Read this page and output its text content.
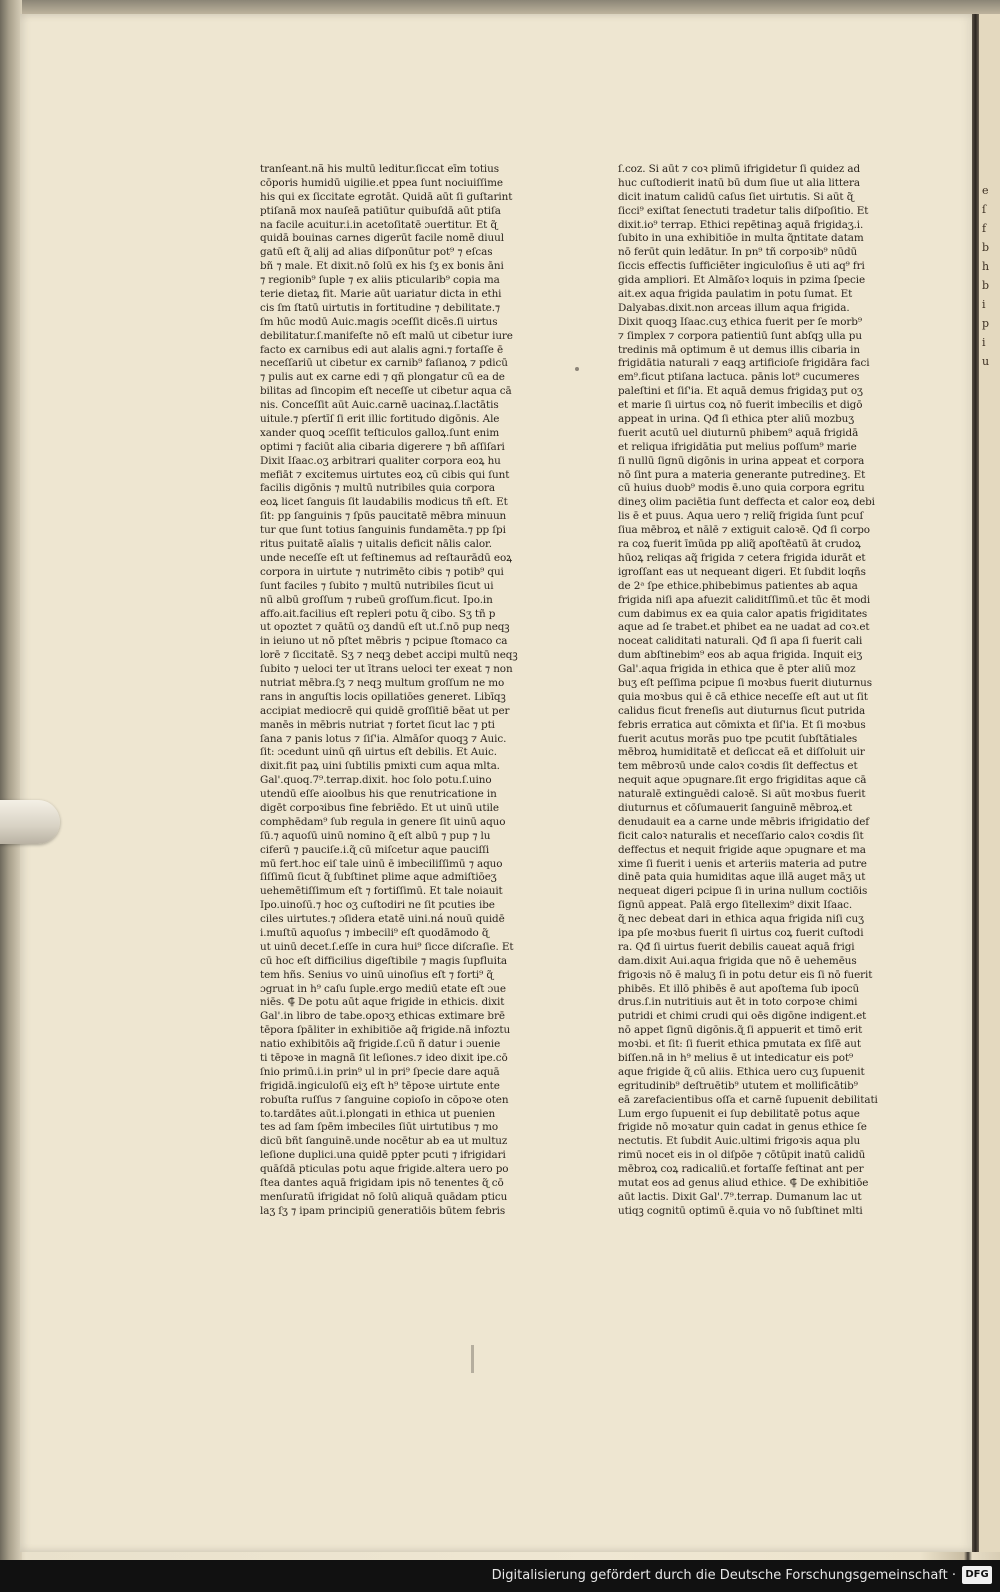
e
ſ
f
b
h
b
i
p
i
u
tranſeant.nã his multū leditur.ſiccat eīm totius
cōporis humidū uigilie.et ppea ſunt nociuiſſime
his qui ex ſiccitate egrotāt. Quidā aūt ſi guſtarint
ptiſanā mox nauſeā patiūtur quibuſdā aūt ptiſa
na facile acuitur.i.in acetoſitatē ɔuertitur. Et ɋ̃
quidā bouinas carnes digerūt facile nomē diuul
gatū eſt ɋ̃ alij ad alias diſponūtur pot⁹ ⁊ eſcas
bñ ⁊ male. Et dixit.nō ſolū ex his ſʒ ex bonis āni
⁊ regionib⁹ ſuple ⁊ ex aliis pticularib⁹ copia ma
terie dietaꝝ fit. Marie aūt uariatur dicta in ethi
cis ſm ſtatū uirtutis in fortitudine ⁊ debilitate.⁊
ſm hūc modū Auic.magis ɔceſſit dicēs.ſi uirtus
debilitatur.ſ.manifeſte nō eſt malū ut cibetur iure
facto ex carnibus edi aut alalis agni.⁊ fortaſſe ē
neceſſariū ut cibetur ex carnib⁹ faſianoꝝ ⁊ pdicū
⁊ pulis aut ex carne edi ⁊ qñ plongatur cū ea de
bilitas ad ſincopim eſt neceſſe ut cibetur aqua cā
nis. Conceſſit aūt Auic.carnē uacinaꝝ.ſ.lactātis
uitule.⁊ pſertīſ ſi erit illic fortitudo digōnis. Ale
xander quoꝗ ɔceſſit teſticulos galloꝝ.ſunt enim
optimi ⁊ faciūt alia cibaria digerere ⁊ bñ aſſiſari
Dixit Iſaac.oʒ arbitrari qualiter corpora eoꝝ hu
mefiāt ⁊ excitemus uirtutes eoꝝ cū cibis qui ſunt
facilis digōnis ⁊ multū nutribiles quia corpora
eoꝝ licet ſanguis ſit laudabilis modicus tñ eſt. Et
ſit: pp ſanguinis ⁊ ſpūs paucitatē mēbra minuun
tur que ſunt totius ſanguinis fundamēta.⁊ pp ſpi
ritus puitatē aīalis ⁊ uitalis deficit nālis calor.
unde neceſſe eſt ut feſtinemus ad reſtaurādū eoꝝ
corpora in uirtute ⁊ nutrimēto cibis ⁊ potib⁹ qui
ſunt faciles ⁊ ſubito ⁊ multū nutribiles ſicut ui
nū albū groſſum ⁊ rubeū groſſum.ficut. Ipo.in
affo.ait.facilius eſt repleri potu ɋ̃ cibo. Sʒ tñ p
ut opoztet ⁊ quātū oʒ dandū eſt ut.ſ.nō pup neqꝫ
in ieiuno ut nō pſtet mēbris ⁊ pcipue ſtomaco ca
lorē ⁊ ſiccitatē. Sʒ ⁊ neqꝫ debet accipi multū neqꝫ
ſubito ⁊ ueloci ter ut ītrans ueloci ter exeat ⁊ non
nutriat mēbra.ſʒ ⁊ neqꝫ multum groſſum ne mo
rans in anguſtis locis opillatiōes generet. Libīqꝫ
accipiat mediocrē qui quidē groſſitiē bēat ut per
manēs in mēbris nutriat ⁊ fortet ſicut lac ⁊ pti
ſana ⁊ panis lotus ⁊ ſiſ'ia. Almāſor quoqꝫ ⁊ Auic.
ſit: ɔcedunt uinū qñ uirtus eſt debilis. Et Auic.
dixit.fit paꝝ uini ſubtilis pmixti cum aqua mlta.
Gal'.quoq.7⁹.terrap.dixit. hoc ſolo potu.ſ.uino
utendū eſſe aioolbus his que renutricatione in
digēt corpoꝛibus fine febriēdo. Et ut uinū utile
comphēdam⁹ ſub regula in genere ſit uinū aquo
ſū.⁊ aquoſū uinū nomino ɋ̃ eſt albū ⁊ pup ⁊ lu
ciferū ⁊ pauciſe.i.ɋ̃ cū miſcetur aque pauciſſi
mū fert.hoc eiſ tale uinū ē imbeciliſſimū ⁊ aquo
ſiſſimū ſicut ɋ̃ ſubſtinet plime aque admiſtiōeʒ
uehemētiſſimum eſt ⁊ fortiſſimū. Et tale noiauit
Ipo.uinoſū.⁊ hoc oʒ cuſtodiri ne ſit pcuties ibe
ciles uirtutes.⁊ ɔſidera etatē uini.ná nouū quidē
i.muſtū aquoſus ⁊ imbecili⁹ eſt quodāmodo ɋ̃
ut uinū decet.ſ.eſſe in cura hui⁹ ſicce diſcraſie. Et
cū hoc eſt difficilius digeſtibile ⁊ magis ſupfluita
tem hñs. Senius vo uinū uinoſius eſt ⁊ forti⁹ ɋ̃
ɔgruat in h⁹ caſu ſuple.ergo mediū etate eſt ɔue
niēs. ⸿ De potu aūt aque frigide in ethicis. dixit
Gal'.in libro de tabe.opoꝛʒ ethicas extimare brē
tēpora ſpāliter in exhibitiōe aq̃ frigide.nā infoztu
natio exhibitōis aq̃ frigide.ſ.cū ñ datur i ɔuenie
ti tēpoꝛe in magnā ſit leſiones.⁊ ideo dixit ipe.cō
ſnio primū.i.in prin⁹ ul in pri⁹ ſpecie dare aquā
frigidā.ingiculoſū eiʒ eſt h⁹ tēpoꝛe uirtute ente
robuſta ruſſus ⁊ ſanguine copioſo in cōpoꝛe oten
to.tardātes aūt.i.plongati in ethica ut puenien
tes ad ſam ſpēm imbeciles ſiūt uirtutibus ⁊ mo
dicū bñt ſanguinē.unde nocētur ab ea ut multuz
leſione duplici.una quidē ppter pcuti ⁊ ifrigidari
quāſdā pticulas potu aque frigide.altera uero po
ſtea dantes aquā frigidam ipis nō tenentes ɋ̃ cō
menſuratū ifrigidat nō ſolū aliquā quādam pticu
laʒ ſʒ ⁊ ipam principiū generatiōis būtem febris
ſ.coz. Si aūt ⁊ coꝛ plimū ifrigidetur ſi quidez ad
huc cuſtodierit inatū bū dum ſiue ut alia littera
dicit inatum calidū caſus ſiet uirtutis. Si aūt ɋ̃
ſicci⁹ exiſtat ſenectuti tradetur talis diſpoſitio. Et
dixit.io⁹ terrap. Ethici repētinaꝫ aquā frigidaʒ.i.
ſubito in una exhibitiōe in multa ɋ̃ntitate datam
nō ferūt quin ledātur. In pn⁹ tñ corpoꝛib⁹ nūdū
ſiccis effectis ſufficiēter ingiculoſius ē uti aq⁹ fri
gida ampliori. Et Almāſoꝛ loquis in pzima ſpecie
ait.ex aqua frigida paulatim in potu ſumat. Et
Dalyabas.dixit.non arceas illum aqua frigida.
Dixit quoqꝫ Iſaac.cuʒ ethica fuerit per ſe morb⁹
⁊ ſimplex ⁊ corpora patientiū ſunt abſqꝫ ulla pu
tredinis mā optimum ē ut demus illis cibaria in
frigidātia naturali ⁊ eaqꝫ artificioſe frigidāra faci
em⁹.ficut ptiſana lactuca. pānis lot⁹ cucumeres
paleſtini et ſiſ'ia. Et aquā demus frigidaʒ put oʒ
et marie ſi uirtus coꝝ nō fuerit imbecilis et digō
appeat in urina. Qđ ſi ethica pter aliū mozbuʒ
fuerit acutū uel diuturnū phibem⁹ aquā frigidā
et reliqua ifrigidātia put melius poſſum⁹ marie
ſi nullū ſignū digōnis in urina appeat et corpora
nō ſint pura a materia generante putredineʒ. Et
cū huius duob⁹ modis ē.uno quia corpora egritu
dineʒ olim paciētia ſunt deffecta et calor eoꝝ debi
lis ē et puus. Aqua uero ⁊ reliq̃ frigida ſunt pcuſ
ſiua mēbroꝝ et nālē ⁊ extiguit caloꝛē. Qđ ſi corpo
ra coꝝ fuerit īmūda pp aliq̃ apoſtēatū āt crudoꝝ
hūoꝝ reliqas aq̃ frigida ⁊ cetera frigida idurāt et
igroſſant eas ut nequeant digeri. Et ſubdit loqñs
de 2ᵃ ſpe ethice.phibebimus patientes ab aqua
frigida niſi apa afuezit caliditſſimū.et tūc ēt modi
cum dabimus ex ea quia calor apatis frigiditates
aque ad ſe trabet.et phibet ea ne uadat ad coꝛ.et
noceat caliditati naturali. Qđ ſi apa ſi fuerit cali
dum abſtinebim⁹ eos ab aqua frigida. Inquit eiʒ
Gal'.aqua frigida in ethica que ē pter aliū moz
buʒ eſt peſſima pcipue ſi moꝛbus fuerit diuturnus
quia moꝛbus qui ē cā ethice neceſſe eſt aut ut ſit
calidus ficut freneſis aut diuturnus ſicut putrida
febris erratica aut cōmixta et ſiſ'ia. Et ſi moꝛbus
fuerit acutus morās puo tpe pcutit ſubſtātiales
mēbroꝝ humiditatē et deſiccat eā et diſſoluit uir
tem mēbroꝛū unde caloꝛ coꝛdis ſit deffectus et
nequit aque ɔpugnare.ſit ergo frigiditas aque cā
naturalē extinguēdi caloꝛē. Si aūt moꝛbus fuerit
diuturnus et cōſumauerit ſanguinē mēbroꝝ.et
denudauit ea a carne unde mēbris ifrigidatio def
ficit caloꝛ naturalis et neceſſario caloꝛ coꝛdis ſit
deffectus et nequit frigide aque ɔpugnare et ma
xime ſi fuerit i uenis et arteriis materia ad putre
dinē pata quia humiditas aque illā auget māʒ ut
nequeat digeri pcipue ſi in urina nullum coctiōis
ſignū appeat. Palā ergo ſitellexim⁹ dixit Iſaac.
ɋ̃ nec debeat dari in ethica aqua frigida niſi cuʒ
ipa pſe moꝛbus fuerit ſi uirtus coꝝ fuerit cuſtodi
ra. Qđ ſi uirtus fuerit debilis caueat aquā frigi
dam.dixit Aui.aqua frigida que nō ē uehemēus
frigoꝛis nō ē maluʒ ſi in potu detur eis ſi nō fuerit
phibēs. Et illō phibēs ē aut apoſtema ſub ipocū
drus.ſ.in nutritiuis aut ēt in toto corpoꝛe chimi
putridi et chimi crudi qui oēs digōne indigent.et
nō appet ſignū digōnis.ɋ̃ ſi appuerit et timō erit
moꝛbi. et ſit: ſi fuerit ethica pmutata ex ſiſē aut
biſſen.nā in h⁹ melius ē ut intedicatur eis pot⁹
aque frigide ɋ̃ cū aliis. Ethica uero cuʒ ſupuenit
egritudinib⁹ deſtruētib⁹ ututem et mollificātib⁹
eā zarefacientibus oſſa et carnē ſupuenit debilitati
Lum ergo ſupuenit ei ſup debilitatē potus aque
frigide nō moꝛatur quin cadat in genus ethice ſe
nectutis. Et ſubdit Auic.ultimi frigoꝛis aqua plu
rimū nocet eis in ol diſpōe ⁊ cōtūpit inatū calidū
mēbroꝝ coꝝ radicaliū.et fortaſſe feſtinat ant per
mutat eos ad genus aliud ethice. ⸿ De exhibitiōe
aūt lactis. Dixit Gal'.7⁹.terrap. Dumanum lac ut
utiqꝫ cognitū optimū ē.quia vo nō ſubſtinet mlti
Digitalisierung gefördert durch die Deutsche Forschungsgemeinschaft · DFG
